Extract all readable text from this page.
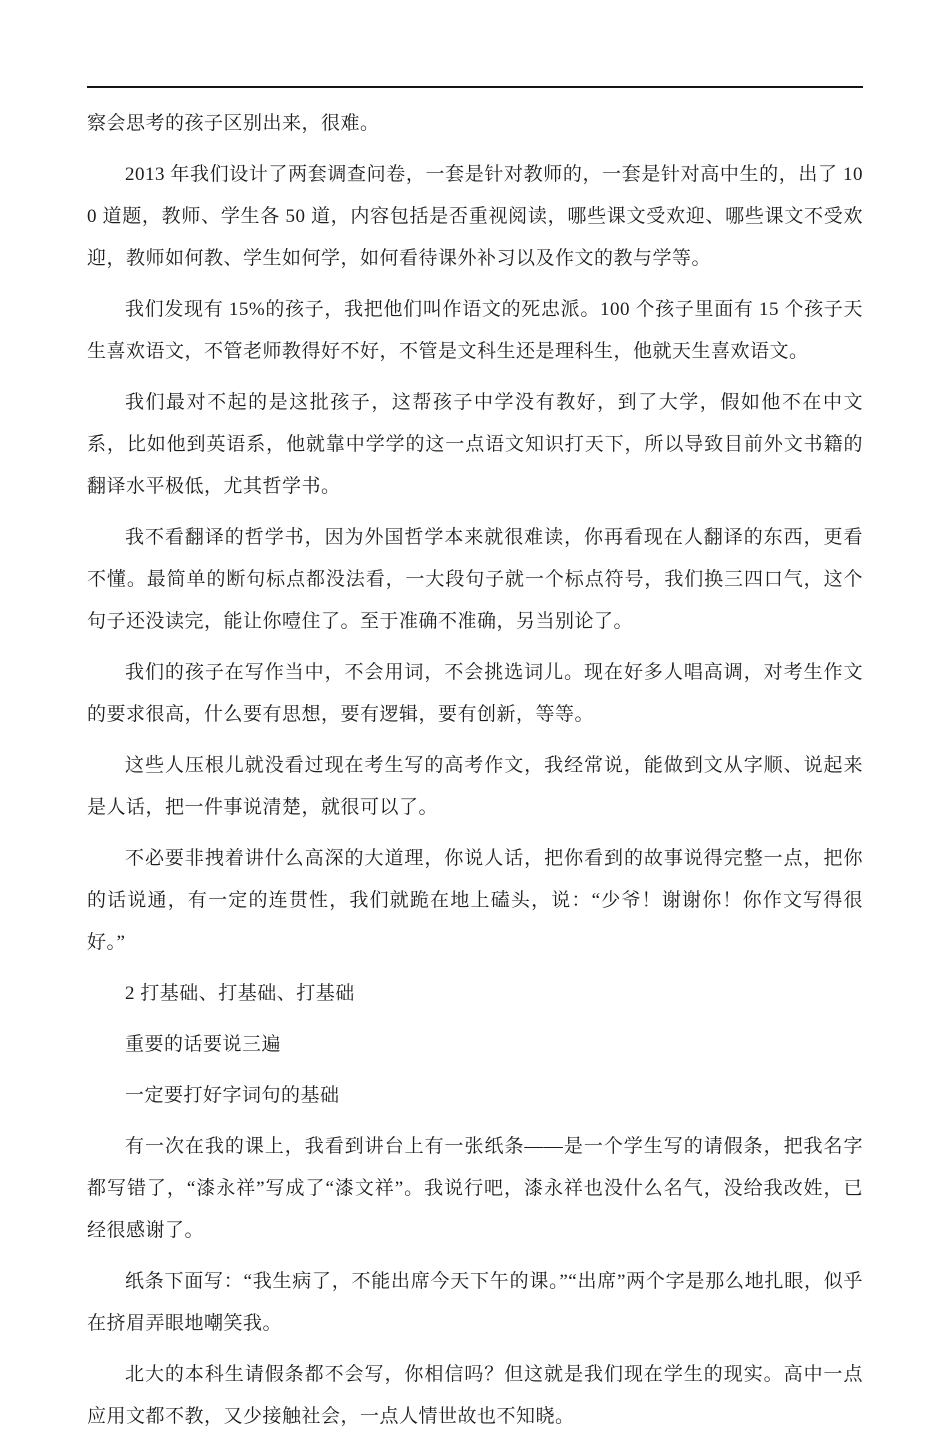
察会思考的孩子区别出来，很难。

2013 年我们设计了两套调查问卷，一套是针对教师的，一套是针对高中生的，出了 100 道题，教师、学生各 50 道，内容包括是否重视阅读，哪些课文受欢迎、哪些课文不受欢迎，教师如何教、学生如何学，如何看待课外补习以及作文的教与学等。

我们发现有 15%的孩子，我把他们叫作语文的死忠派。100 个孩子里面有 15 个孩子天生喜欢语文，不管老师教得好不好，不管是文科生还是理科生，他就天生喜欢语文。

我们最对不起的是这批孩子，这帮孩子中学没有教好，到了大学，假如他不在中文系，比如他到英语系，他就靠中学学的这一点语文知识打天下，所以导致目前外文书籍的翻译水平极低，尤其哲学书。

我不看翻译的哲学书，因为外国哲学本来就很难读，你再看现在人翻译的东西，更看不懂。最简单的断句标点都没法看，一大段句子就一个标点符号，我们换三四口气，这个句子还没读完，能让你噎住了。至于准确不准确，另当别论了。

我们的孩子在写作当中，不会用词，不会挑选词儿。现在好多人唱高调，对考生作文的要求很高，什么要有思想，要有逻辑，要有创新，等等。

这些人压根儿就没看过现在考生写的高考作文，我经常说，能做到文从字顺、说起来是人话，把一件事说清楚，就很可以了。

不必要非拽着讲什么高深的大道理，你说人话，把你看到的故事说得完整一点，把你的话说通，有一定的连贯性，我们就跪在地上磕头，说：“少爷！谢谢你！你作文写得很好。”

2 打基础、打基础、打基础

重要的话要说三遍

一定要打好字词句的基础

有一次在我的课上，我看到讲台上有一张纸条——是一个学生写的请假条，把我名字都写错了，“漆永祥”写成了“漆文祥”。我说行吧，漆永祥也没什么名气，没给我改姓，已经很感谢了。

纸条下面写：“我生病了，不能出席今天下午的课。”“出席”两个字是那么地扎眼，似乎在挤眉弄眼地嘲笑我。

北大的本科生请假条都不会写，你相信吗？但这就是我们现在学生的现实。高中一点应用文都不教，又少接触社会，一点人情世故也不知晓。
